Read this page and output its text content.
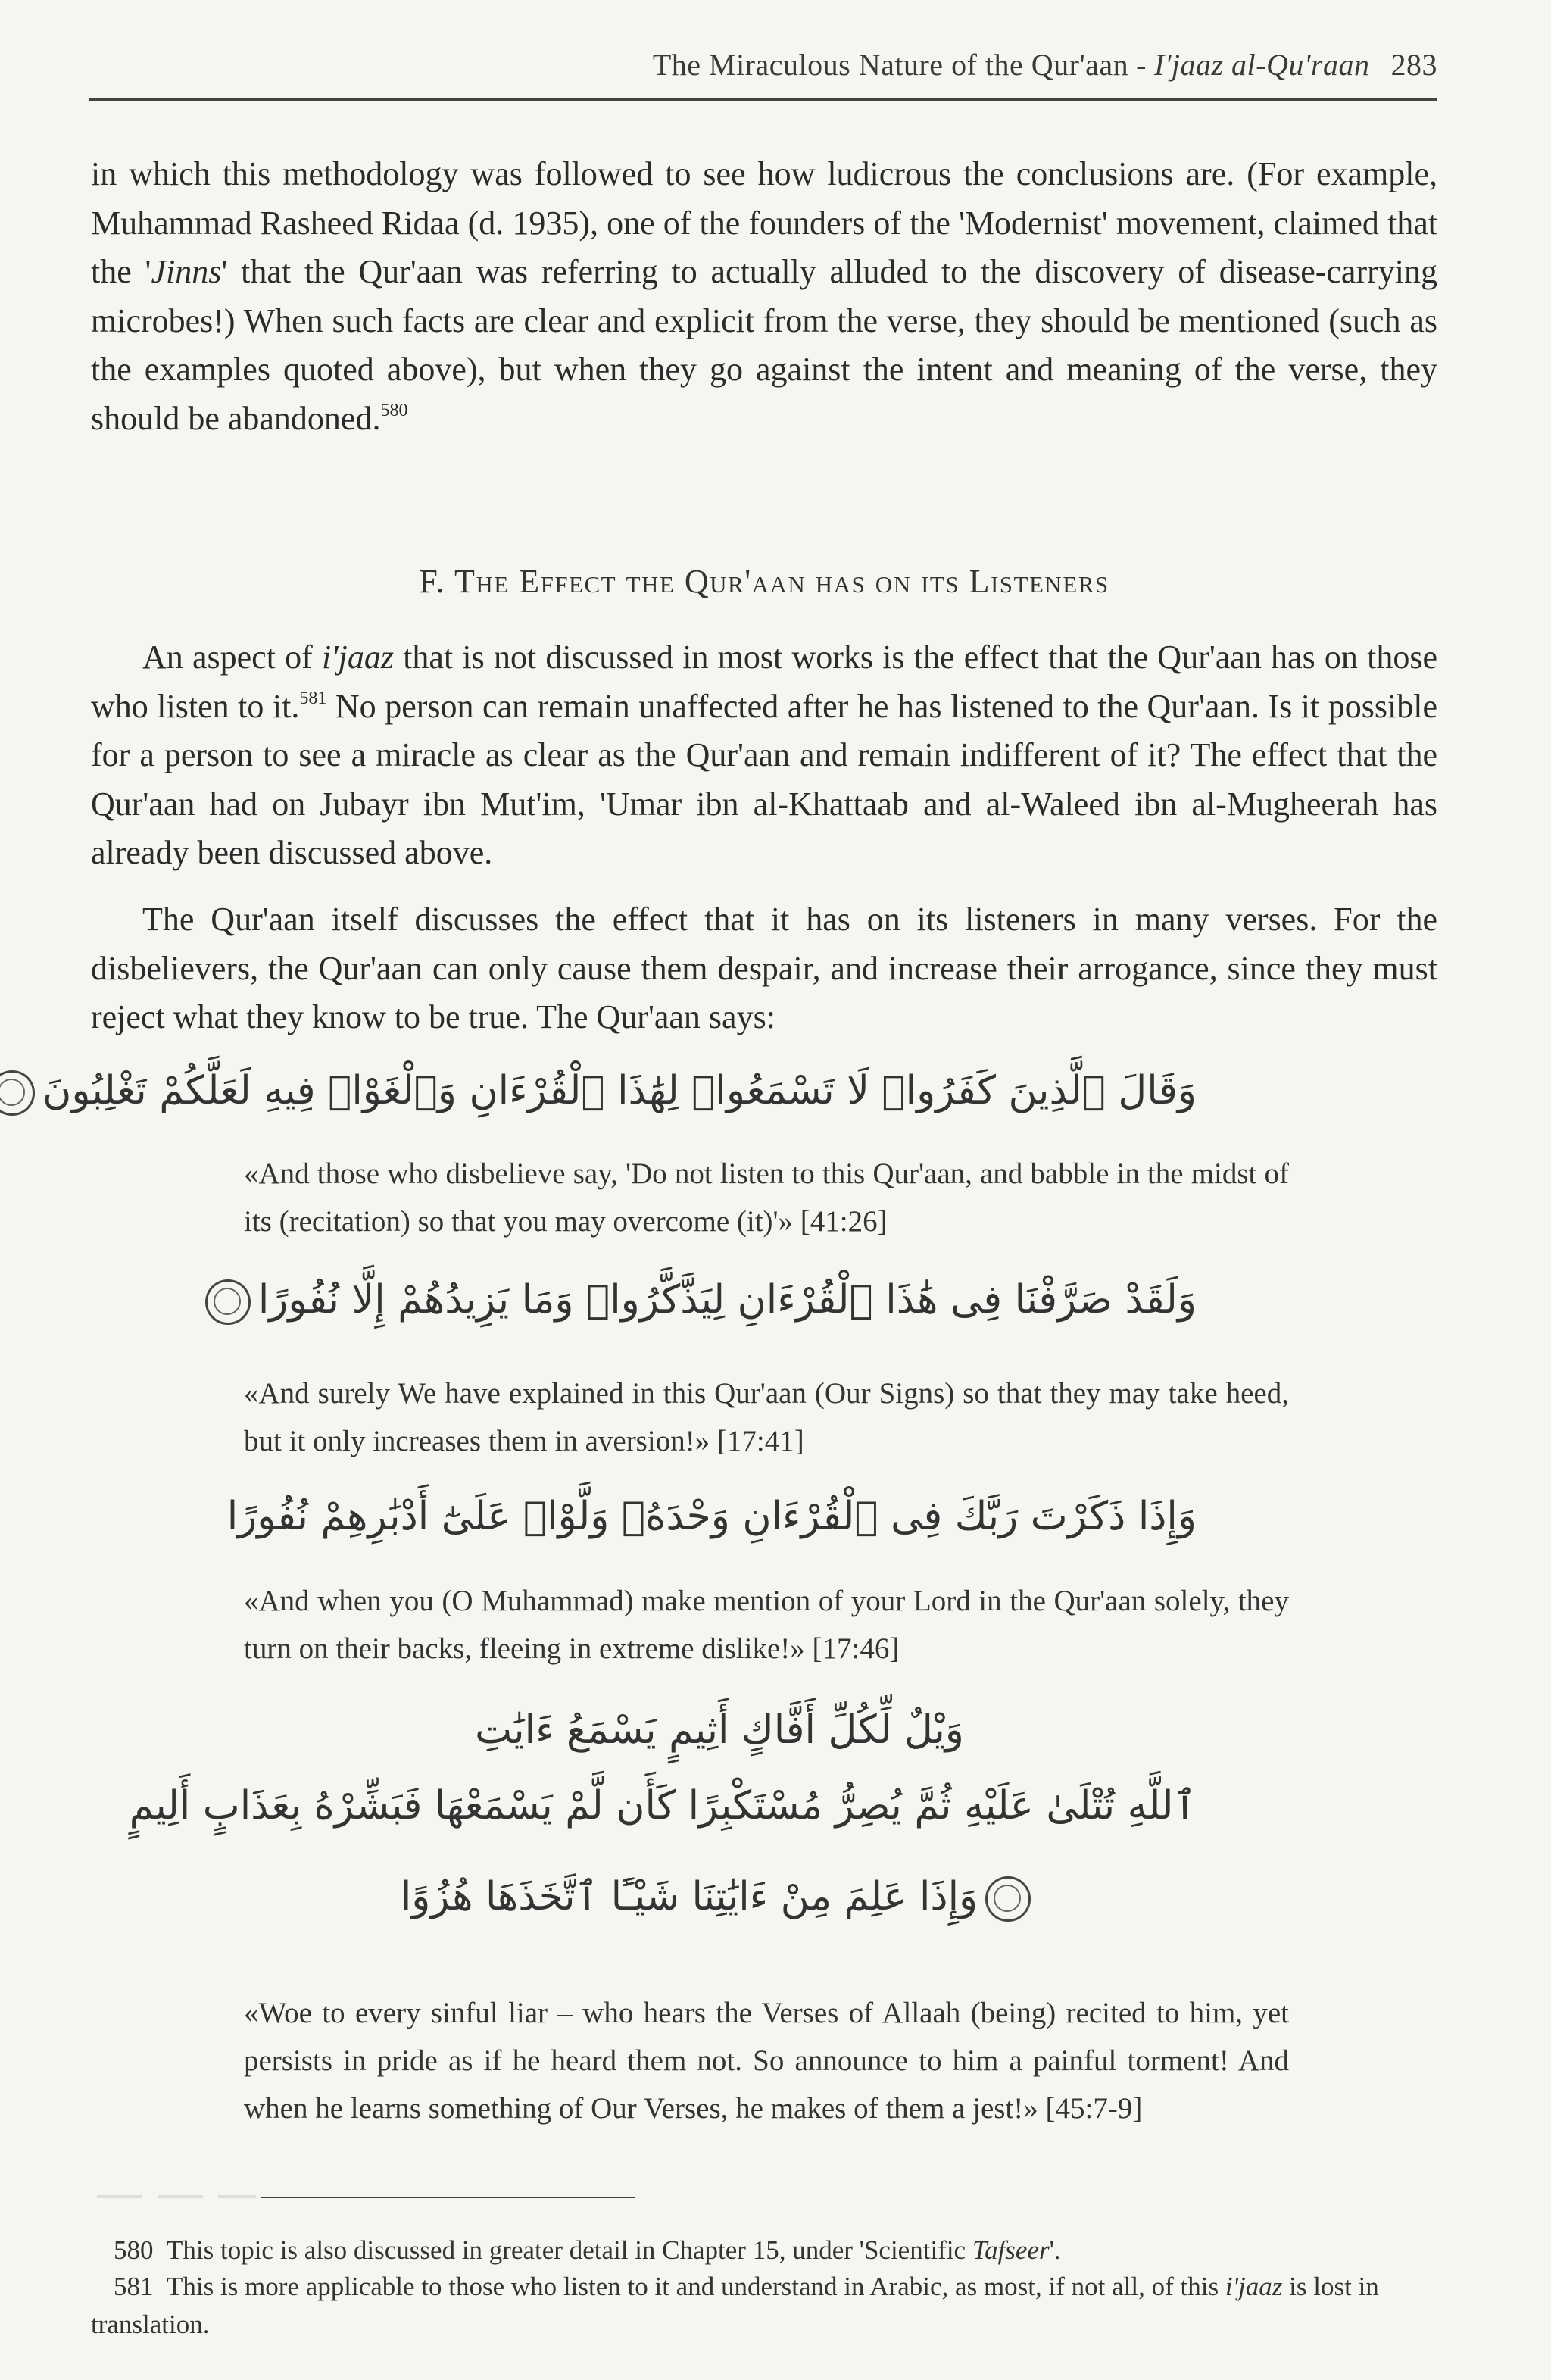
The Miraculous Nature of the Qur'aan - I'jaaz al-Qu'raan 283
in which this methodology was followed to see how ludicrous the conclusions are. (For example, Muhammad Rasheed Ridaa (d. 1935), one of the founders of the 'Modernist' movement, claimed that the 'Jinns' that the Qur'aan was referring to actually alluded to the discovery of disease-carrying microbes!) When such facts are clear and explicit from the verse, they should be mentioned (such as the examples quoted above), but when they go against the intent and meaning of the verse, they should be abandoned.$^{580}$
F. The Effect the Qur'aan has on its Listeners
An aspect of i'jaaz that is not discussed in most works is the effect that the Qur'aan has on those who listen to it.$^{581}$ No person can remain unaffected after he has listened to the Qur'aan. Is it possible for a person to see a miracle as clear as the Qur'aan and remain indifferent of it? The effect that the Qur'aan had on Jubayr ibn Mut'im, 'Umar ibn al-Khattaab and al-Waleed ibn al-Mugheerah has already been discussed above.
The Qur'aan itself discusses the effect that it has on its listeners in many verses. For the disbelievers, the Qur'aan can only cause them despair, and increase their arrogance, since they must reject what they know to be true. The Qur'aan says:
وَقَالَ ٱلَّذِينَ كَفَرُوا۟ لَا تَسْمَعُوا۟ لِهَٰذَا ٱلْقُرْءَانِ وَٱلْغَوْا۟ فِيهِ لَعَلَّكُمْ تَغْلِبُونَ
«And those who disbelieve say, 'Do not listen to this Qur'aan, and babble in the midst of its (recitation) so that you may overcome (it)'» [41:26]
وَلَقَدْ صَرَّفْنَا فِى هَٰذَا ٱلْقُرْءَانِ لِيَذَّكَّرُوا۟ وَمَا يَزِيدُهُمْ إِلَّا نُفُورًا
«And surely We have explained in this Qur'aan (Our Signs) so that they may take heed, but it only increases them in aversion!» [17:41]
وَإِذَا ذَكَرْتَ رَبَّكَ فِى ٱلْقُرْءَانِ وَحْدَهُۥ وَلَّوْا۟ عَلَىٰٓ أَدْبَٰرِهِمْ نُفُورًا
«And when you (O Muhammad) make mention of your Lord in the Qur'aan solely, they turn on their backs, fleeing in extreme dislike!» [17:46]
وَيْلٌ لِّكُلِّ أَفَّاكٍ أَثِيمٍ يَسْمَعُ ءَايَٰتِ
ٱللَّهِ تُتْلَىٰ عَلَيْهِ ثُمَّ يُصِرُّ مُسْتَكْبِرًا كَأَن لَّمْ يَسْمَعْهَا فَبَشِّرْهُ بِعَذَابٍ أَلِيمٍ
وَإِذَا عَلِمَ مِنْ ءَايَٰتِنَا شَيْـًٔا ٱتَّخَذَهَا هُزُوًا
«Woe to every sinful liar – who hears the Verses of Allaah (being) recited to him, yet persists in pride as if he heard them not. So announce to him a painful torment! And when he learns something of Our Verses, he makes of them a jest!» [45:7-9]
580 This topic is also discussed in greater detail in Chapter 15, under 'Scientific Tafseer'.
581 This is more applicable to those who listen to it and understand in Arabic, as most, if not all, of this i'jaaz is lost in translation.
